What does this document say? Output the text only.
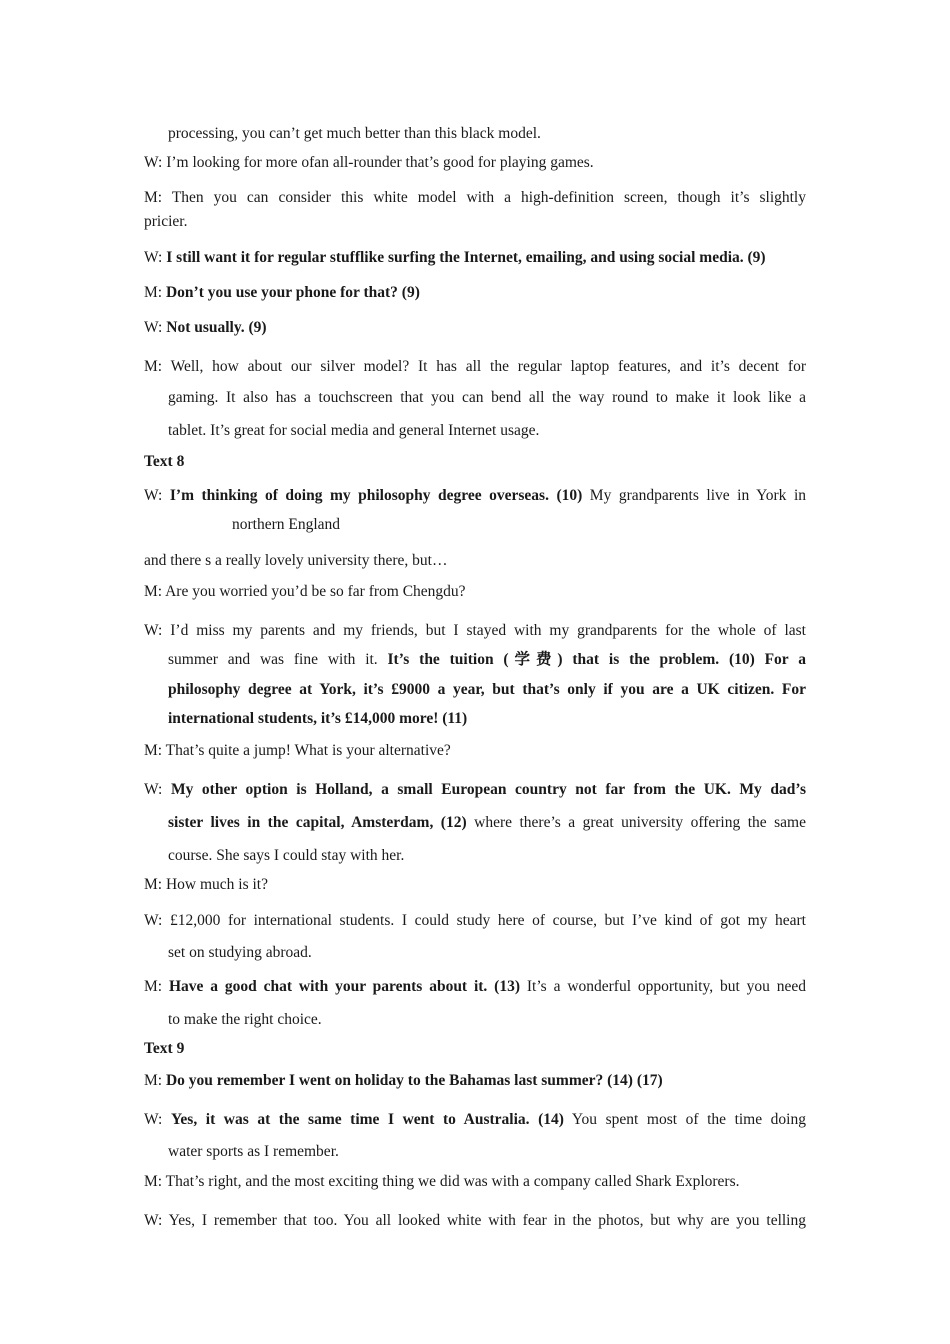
processing, you can’t get much better than this black model.
W: I’m looking for more ofan all-rounder that’s good for playing games.
M: Then you can consider this white model with a high-definition screen, though it’s slightly
pricier.
W: I still want it for regular stufflike surfing the Internet, emailing, and using social media. (9)
M: Don’t you use your phone for that? (9)
W: Not usually. (9)
M: Well, how about our silver model? It has all the regular laptop features, and it’s decent for
gaming. It also has a touchscreen that you can bend all the way round to make it look like a
tablet. It’s great for social media and general Internet usage.
Text 8
W: I’m thinking of doing my philosophy degree overseas. (10) My grandparents live in York in
northern England
and there s a really lovely university there, but…
M: Are you worried you’d be so far from Chengdu?
W: I’d miss my parents and my friends, but I stayed with my grandparents for the whole of last
summer and was fine with it. It’s the tuition (学费) that is the problem. (10) For a
philosophy degree at York, it’s £9000 a year, but that’s only if you are a UK citizen. For
international students, it’s £14,000 more! (11)
M: That’s quite a jump! What is your alternative?
W: My other option is Holland, a small European country not far from the UK. My dad’s
sister lives in the capital, Amsterdam, (12) where there’s a great university offering the same
course. She says I could stay with her.
M: How much is it?
W: £12,000 for international students. I could study here of course, but I’ve kind of got my heart
set on studying abroad.
M: Have a good chat with your parents about it. (13) It’s a wonderful opportunity, but you need
to make the right choice.
Text 9
M: Do you remember I went on holiday to the Bahamas last summer? (14) (17)
W: Yes, it was at the same time I went to Australia. (14) You spent most of the time doing
water sports as I remember.
M: That’s right, and the most exciting thing we did was with a company called Shark Explorers.
W: Yes, I remember that too. You all looked white with fear in the photos, but why are you telling
